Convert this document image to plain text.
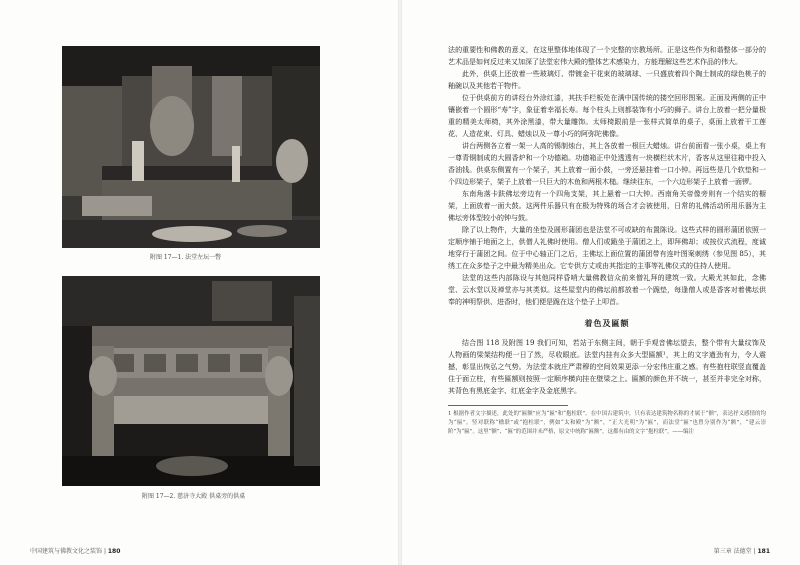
附图 17—1. 法堂左坛一瞥
附图 17—2. 慈济寺大殿 供桌旁的供桌
中国建筑与佛教文化之装饰 | 180

法的重要性和佛教的意义，在这里整体地体现了一个完整的宗教场所。正是这些作为和谐整体一部分的艺术品是如何反过来又加深了法堂宏伟大殿的整体艺术感染力，方能理解这些艺术作品的伟大。

此外，供桌上还放着一些玻璃灯、带镀金干花束的玻璃球、一只盛放着四个陶土制成的绿色桃子的釉碗以及其他若干物件。

位于供桌前方的讲经台外涂红漆，其扶手栏板处在满中国传统的搂空回形图案。正面及两侧的正中镶嵌着一个圆形“寿”字，象征着幸福长寿。每个柱头上则都装饰有小巧的狮子。讲台上放着一把分量极重的精美太师椅，其外涂黑漆，带大量雕饰。太师椅跟前是一张样式简单的桌子，桌面上放着干工莲花、人造花束、灯具、蜡烛以及一尊小巧的阿弥陀佛像。

讲台两侧各立着一架一人高的锡制烛台，其上各放着一根巨大蜡烛。讲台前面看一张小桌，桌上有一尊青铜制成的大圆香炉和一个功德箱。功德箱正中处透透有一块横栏状木片，香客从这里往箱中投入香油钱。供桌东侧置有一个架子，其上放着一面小鼓，一旁还悬挂着一口小钟。再远些是几个软垫和一个四边形架子，架子上放着一只巨大的木鱼和两根木槌。继续往东，一个六边形架子上放着一面锣。

东南角落卡趺佛坛旁边有一个四角支架，其上悬着一口大钟。西南角关帝像旁则有一个结实的橱架，上面放着一面大鼓。这两件乐器只有在极为特殊的场合才会被使用，日常的礼佛活动所用乐器为主佛坛旁体型较小的钟与鼓。

除了以上物件，大量的坐垫及圆形蒲团也是法堂不可或缺的布置陈设。这些式样的圆形蒲团依照一定顺序铺于地面之上，供僧人礼佛时使用。僧人们或跪坐于蒲团之上，即拜佛却；或按仪式流程，度诚地穿行于蒲团之间。位于中心轴正门之后，主佛坛上面位置的蒲团带有连叶图案刺绣（参见图 85），其绣工在众多垫子之中最为精美出众。它专供方丈或由其指定的主事等礼佛仪式的住持人使用。

法堂的这些内部陈设与其他同样昏哨大量佛教信众前来僧礼拜的建筑一致。大殿尤其如此，念佛堂、云水堂以及禅堂亦与其类似。这些屋堂内的佛坛前都放着一个跪垫，每逢僧人或是香客对着佛坛供奉的神明祭供、进香时，他们便是跪在这个垫子上叩首。

着色及匾额

结合图 118 及附图 19 我们可知，若站于东侧主间，朝于手观音佛坛望去，整个带有大量纹饰及人物画的梁架结构便一日了然，尽收眼底。法堂内挂有众多大型匾额¹，其上的文字遒劲有力，令人震撼，彰显出恢弘之气势。为法堂本就庄严肃穆的空间效果更添一分宏伟庄重之感。有些抱柱联竖直覆盖住于面立柱，有些匾额则按照一定顺序横向挂在壁梁之上。匾额的颜色并不统一，甚至并非完全对称，其背色有黑底金字、红底金字及金底黑字。

1 根据作者文字描述，此处的“匾额”应为“匾”和“抱柱联”。在中国古建筑中，只有表达建筑物名称的才属于“额”，表达抒义感情的均为“匾”。竖对联称“楹联”或“抱柱联”，例如“太和殿”为“额”，“正大光明”为“匾”，而法堂“匾”也曾分别作为“额”，“建云崇阶”为“匾”。这里“额”、“匾”的范围并未严格，原文中统称“匾额”，这都有由的文字“抱柱联”。——编注

第三章 法德堂 | 181
